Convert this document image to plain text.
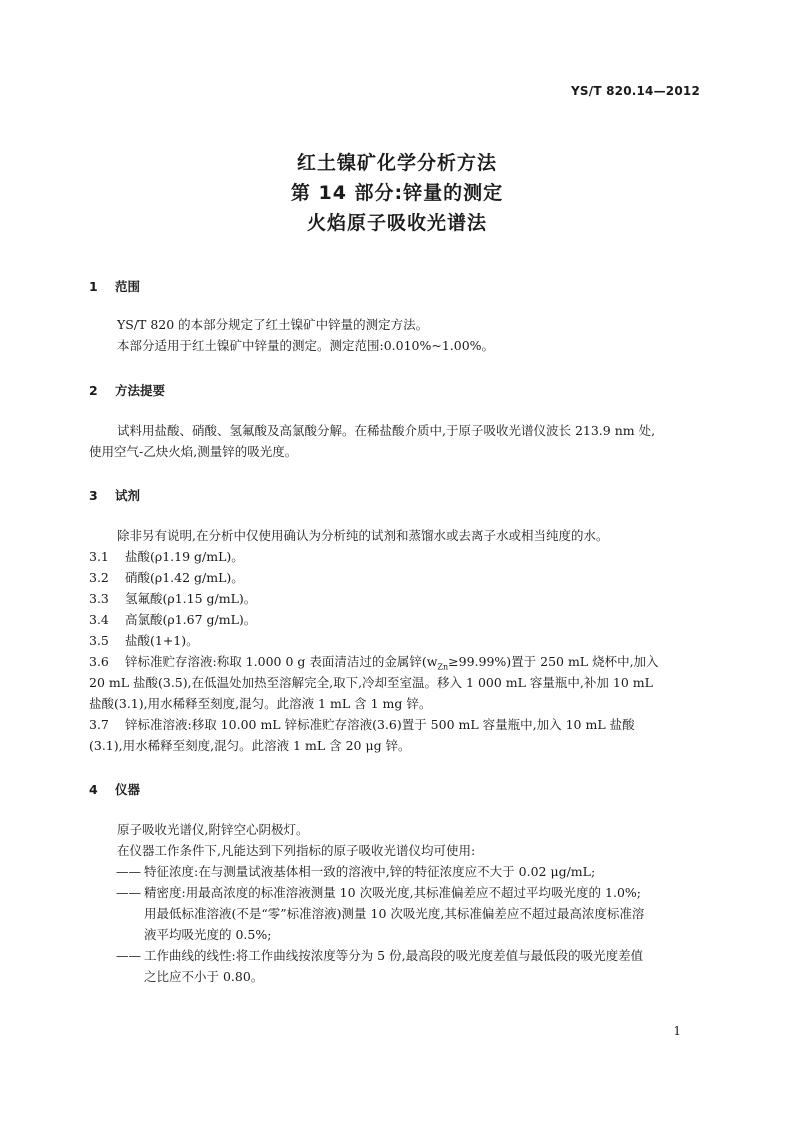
YS/T 820.14—2012
红土镍矿化学分析方法
第 14 部分:锌量的测定
火焰原子吸收光谱法
1 范围
YS/T 820 的本部分规定了红土镍矿中锌量的测定方法。
本部分适用于红土镍矿中锌量的测定。测定范围:0.010%~1.00%。
2 方法提要
试料用盐酸、硝酸、氢氟酸及高氯酸分解。在稀盐酸介质中,于原子吸收光谱仪波长 213.9 nm 处,
使用空气-乙炔火焰,测量锌的吸光度。
3 试剂
除非另有说明,在分析中仅使用确认为分析纯的试剂和蒸馏水或去离子水或相当纯度的水。
3.1 盐酸(ρ1.19 g/mL)。
3.2 硝酸(ρ1.42 g/mL)。
3.3 氢氟酸(ρ1.15 g/mL)。
3.4 高氯酸(ρ1.67 g/mL)。
3.5 盐酸(1+1)。
3.6 锌标准贮存溶液:称取 1.000 0 g 表面清洁过的金属锌$(w_{Zn}\ge 99.99\%)$置于 250 mL 烧杯中,加入
20 mL 盐酸(3.5),在低温处加热至溶解完全,取下,冷却至室温。移入 1 000 mL 容量瓶中,补加 10 mL
盐酸(3.1),用水稀释至刻度,混匀。此溶液 1 mL 含 1 mg 锌。
3.7 锌标准溶液:移取 10.00 mL 锌标准贮存溶液(3.6)置于 500 mL 容量瓶中,加入 10 mL 盐酸
(3.1),用水稀释至刻度,混匀。此溶液 1 mL 含 20 μg 锌。
4 仪器
原子吸收光谱仪,附锌空心阴极灯。
在仪器工作条件下,凡能达到下列指标的原子吸收光谱仪均可使用:
—— 特征浓度:在与测量试液基体相一致的溶液中,锌的特征浓度应不大于 0.02 μg/mL;
—— 精密度:用最高浓度的标准溶液测量 10 次吸光度,其标准偏差应不超过平均吸光度的 1.0%;
用最低标准溶液(不是“零”标准溶液)测量 10 次吸光度,其标准偏差应不超过最高浓度标准溶
液平均吸光度的 0.5%;
—— 工作曲线的线性:将工作曲线按浓度等分为 5 份,最高段的吸光度差值与最低段的吸光度差值
之比应不小于 0.80。
1
